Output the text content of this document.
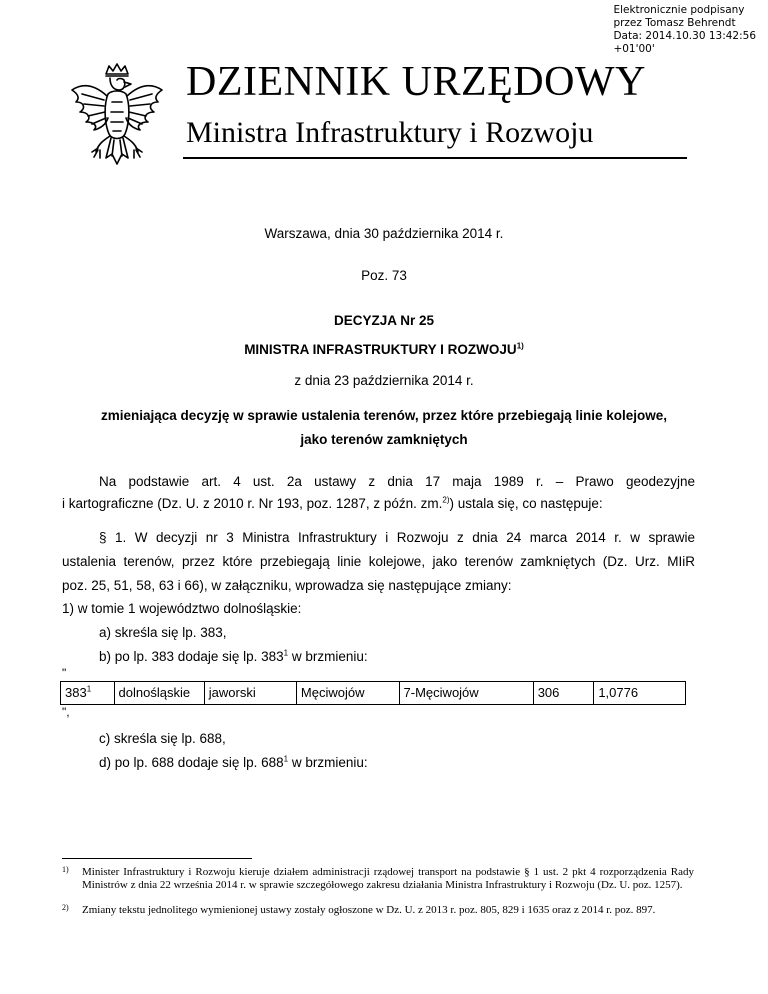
Elektronicznie podpisany
przez Tomasz Behrendt
Data: 2014.10.30 13:42:56
+01'00'
DZIENNIK URZĘDOWY
Ministra Infrastruktury i Rozwoju
Warszawa, dnia 30 października 2014 r.
Poz. 73
DECYZJA Nr 25
MINISTRA INFRASTRUKTURY I ROZWOJU$^{1)}$
z dnia 23 października 2014 r.
zmieniająca decyzję w sprawie ustalenia terenów, przez które przebiegają linie kolejowe,
jako terenów zamkniętych
Na podstawie art. 4 ust. 2a ustawy z dnia 17 maja 1989 r. – Prawo geodezyjne
i kartograficzne (Dz. U. z 2010 r. Nr 193, poz. 1287, z późn. zm.$^{2)}$) ustala się, co następuje:
§ 1. W decyzji nr 3 Ministra Infrastruktury i Rozwoju z dnia 24 marca 2014 r. w sprawie
ustalenia terenów, przez które przebiegają linie kolejowe, jako terenów zamkniętych (Dz. Urz. MIiR
poz. 25, 51, 58, 63 i 66), w załączniku, wprowadza się następujące zmiany:
1) w tomie 1 województwo dolnośląskie:
a) skreśla się lp. 383,
b) po lp. 383 dodaje się lp. $383^1$ w brzmieniu:
"
$383^1$	dolnośląskie	jaworski	Męciwojów	7-Męciwojów	306	1,0776
",
c) skreśla się lp. 688,
d) po lp. 688 dodaje się lp. $688^1$ w brzmieniu:
1) Minister Infrastruktury i Rozwoju kieruje działem administracji rządowej transport na podstawie § 1 ust. 2 pkt 4 rozporządzenia Rady Ministrów z dnia 22 września 2014 r. w sprawie szczegółowego zakresu działania Ministra Infrastruktury i Rozwoju (Dz. U. poz. 1257).
2) Zmiany tekstu jednolitego wymienionej ustawy zostały ogłoszone w Dz. U. z 2013 r. poz. 805, 829 i 1635 oraz z 2014 r. poz. 897.
